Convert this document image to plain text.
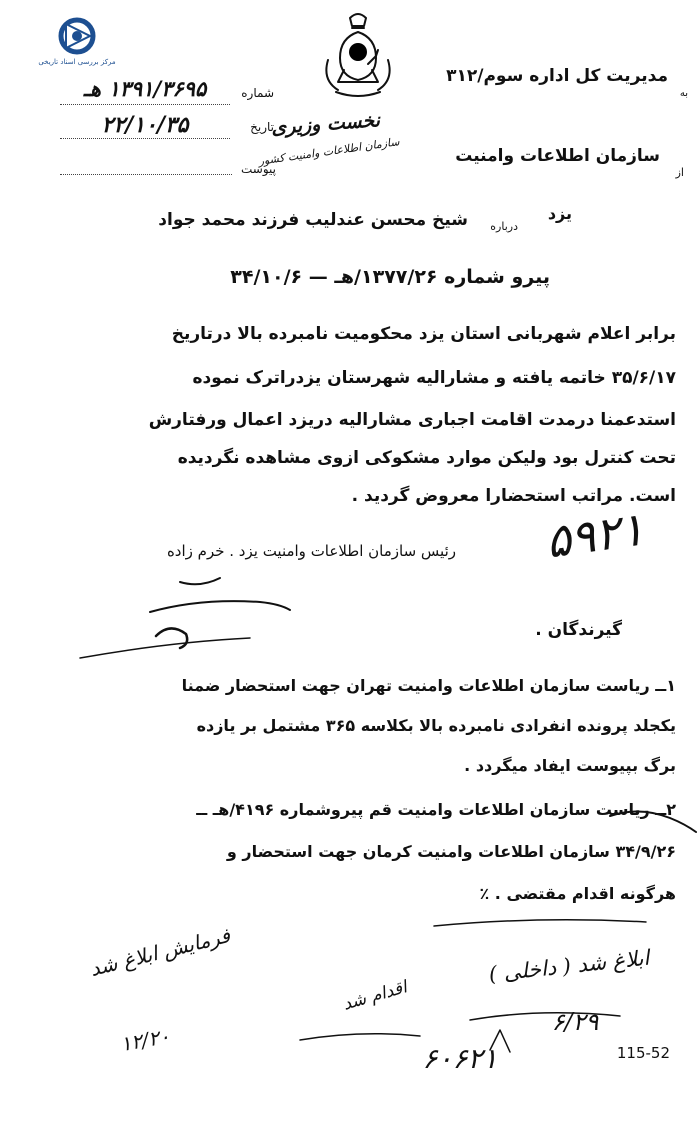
مرکز بررسی اسناد تاریخی
نخست وزیری
سازمان اطلاعات وامنیت کشور
به
مدیریت کل اداره سوم/۳۱۲
از
سازمان اطلاعات وامنیت
شماره
۱۳۹۱/۳۶۹۵ هـ
تاریخ
۲۲/۱۰/۳۵
پیوست
یزد
درباره
شیخ محسن عندلیب فرزند محمد جواد
پیرو شماره ۱۳۷۷/۲۶/هـ — ۳۴/۱۰/۶
برابر اعلام شهربانی استان یزد محکومیت نامبرده بالا درتاریخ
۳۵/۶/۱۷ خاتمه یافته و مشارالیه شهرستان یزدراترک نموده
استدعمنا درمدت اقامت اجباری مشارالیه دریزد اعمال ورفتارش
تحت کنترل بود ولیکن موارد مشکوکی ازوی مشاهده نگردیده
است. مراتب استحضارا معروض گردید .
۵۹۲۱
رئیس سازمان اطلاعات وامنیت یزد . خرم زاده
گیرندگان .
۱ــ ریاست سازمان اطلاعات وامنیت تهران جهت استحضار ضمنا
یکجلد پرونده انفرادی نامبرده بالا بکلاسه ۳۶۵ مشتمل بر یازده
برگ بپیوست ایفاد میگردد .
۲ــ ریاست سازمان اطلاعات وامنیت قم پیروشماره ۴۱۹۶/هـ ــ
۳۴/۹/۲۶ سازمان اطلاعات وامنیت کرمان جهت استحضار و
هرگونه اقدام مقتضی . ٪
فرمایش ابلاغ شد
۱۲/۲۰
اقدام شد
ابلاغ شد ( داخلی )
۶/۲۹
۶۰۶۲۱	115-52
